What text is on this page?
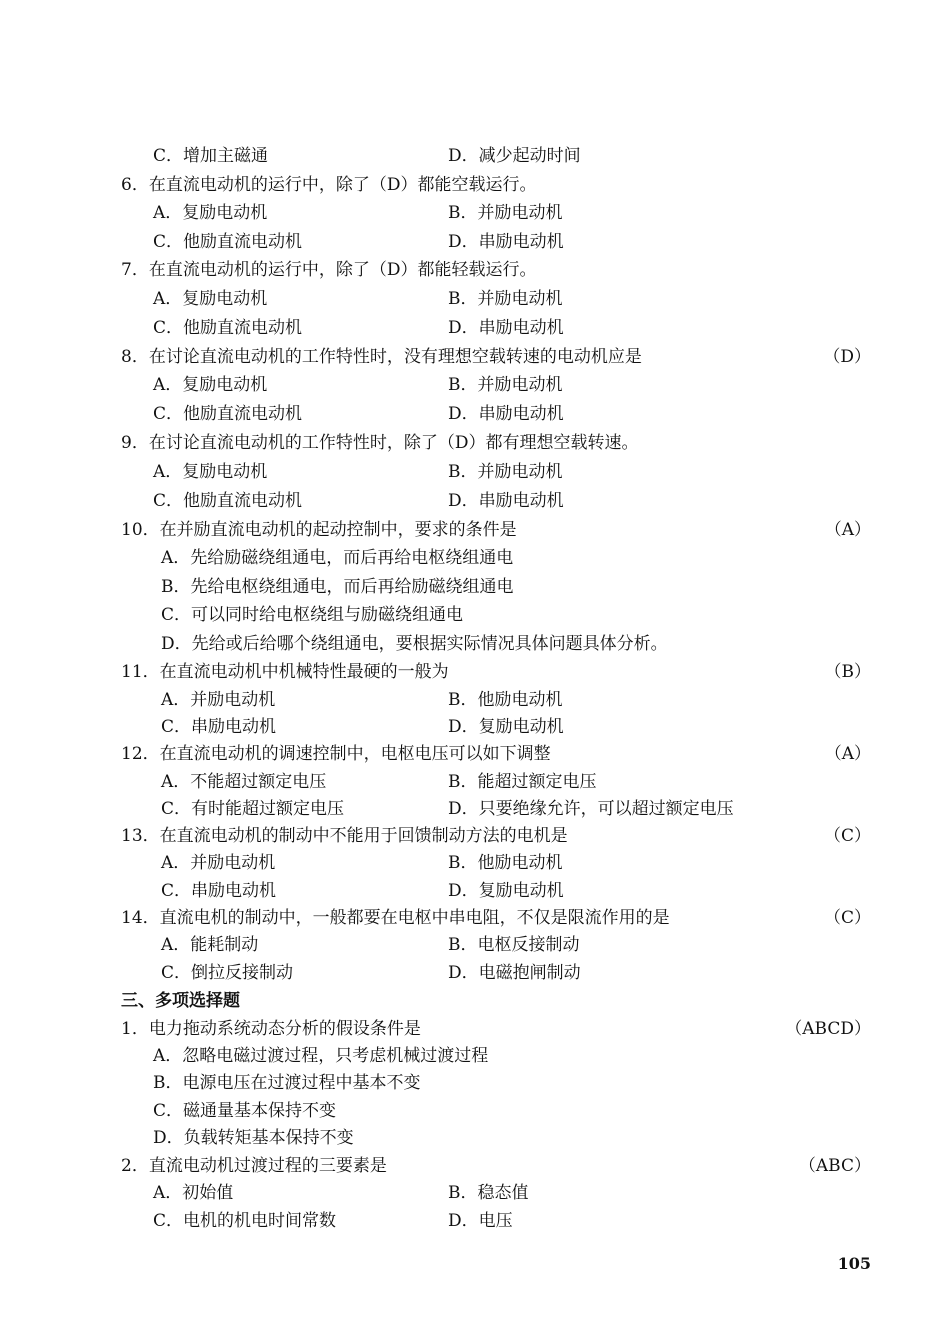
C．增加主磁通	D．减少起动时间
6．在直流电动机的运行中，除了（D）都能空载运行。
A．复励电动机	B．并励电动机
C．他励直流电动机	D．串励电动机
7．在直流电动机的运行中，除了（D）都能轻载运行。
A．复励电动机	B．并励电动机
C．他励直流电动机	D．串励电动机
8．在讨论直流电动机的工作特性时，没有理想空载转速的电动机应是	（D）
A．复励电动机	B．并励电动机
C．他励直流电动机	D．串励电动机
9．在讨论直流电动机的工作特性时，除了（D）都有理想空载转速。
A．复励电动机	B．并励电动机
C．他励直流电动机	D．串励电动机
10．在并励直流电动机的起动控制中，要求的条件是	（A）
A．先给励磁绕组通电，而后再给电枢绕组通电
B．先给电枢绕组通电，而后再给励磁绕组通电
C．可以同时给电枢绕组与励磁绕组通电
D．先给或后给哪个绕组通电，要根据实际情况具体问题具体分析。
11．在直流电动机中机械特性最硬的一般为	（B）
A．并励电动机	B．他励电动机
C．串励电动机	D．复励电动机
12．在直流电动机的调速控制中，电枢电压可以如下调整	（A）
A．不能超过额定电压	B．能超过额定电压
C．有时能超过额定电压	D．只要绝缘允许，可以超过额定电压
13．在直流电动机的制动中不能用于回馈制动方法的电机是	（C）
A．并励电动机	B．他励电动机
C．串励电动机	D．复励电动机
14．直流电机的制动中，一般都要在电枢中串电阻，不仅是限流作用的是	（C）
A．能耗制动	B．电枢反接制动
C．倒拉反接制动	D．电磁抱闸制动
三、多项选择题
1．电力拖动系统动态分析的假设条件是	（ABCD）
A．忽略电磁过渡过程，只考虑机械过渡过程
B．电源电压在过渡过程中基本不变
C．磁通量基本保持不变
D．负载转矩基本保持不变
2．直流电动机过渡过程的三要素是	（ABC）
A．初始值	B．稳态值
C．电机的机电时间常数	D．电压
105
